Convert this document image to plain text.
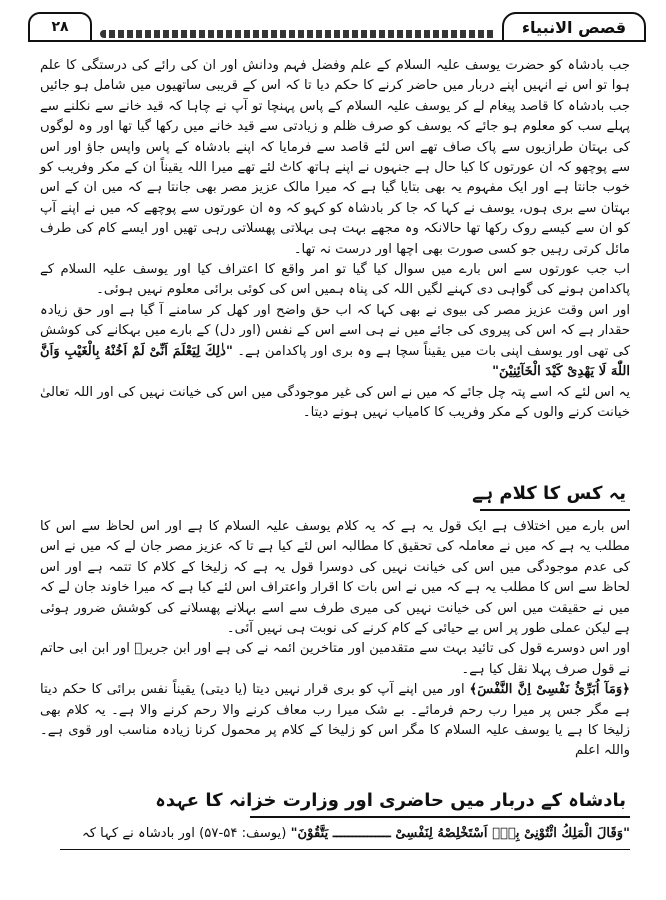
۲۸	قصص الانبیاء

جب بادشاہ کو حضرت یوسف علیہ السلام کے علم وفضل فہم ودانش اور ان کی رائے کی درستگی کا علم ہوا تو اس نے انہیں اپنے دربار میں حاضر کرنے کا حکم دیا تا کہ اس کے قریبی ساتھیوں میں شامل ہو جائیں جب بادشاہ کا قاصد پیغام لے کر یوسف علیہ السلام کے پاس پہنچا تو آپ نے چاہا کہ قید خانے سے نکلنے سے پہلے سب کو معلوم ہو جائے کہ یوسف کو صرف ظلم و زیادتی سے قید خانے میں رکھا گیا تھا اور وہ لوگوں کی بہتان طرازیوں سے پاک صاف تھے اس لئے قاصد سے فرمایا کہ اپنے بادشاہ کے پاس واپس جاؤ اور اس سے پوچھو کہ ان عورتوں کا کیا حال ہے جنہوں نے اپنے ہاتھ کاٹ لئے تھے میرا اللہ یقیناً ان کے مکر وفریب کو خوب جانتا ہے اور ایک مفہوم یہ بھی بتایا گیا ہے کہ میرا مالک عزیز مصر بھی جانتا ہے کہ میں ان کے اس بہتان سے بری ہوں، یوسف نے کہا کہ جا کر بادشاہ کو کہو کہ وہ ان عورتوں سے پوچھے کہ میں نے اپنے آپ کو ان سے کیسے روک رکھا تھا حالانکہ وہ مجھے بہت ہی بہلاتی پھسلاتی رہی تھیں اور ایسے کام کی طرف مائل کرتی رہیں جو کسی صورت بھی اچھا اور درست نہ تھا۔

اب جب عورتوں سے اس بارے میں سوال کیا گیا تو امر واقع کا اعتراف کیا اور یوسف علیہ السلام کے پاکدامن ہونے کی گواہی دی کہنے لگیں اللہ کی پناہ ہمیں اس کی کوئی برائی معلوم نہیں ہوئی۔

اور اس وقت عزیز مصر کی بیوی نے بھی کہا کہ اب حق واضح اور کھل کر سامنے آ گیا ہے اور حق زیادہ حقدار ہے کہ اس کی پیروی کی جائے میں نے ہی اسے اس کے نفس (اور دل) کے بارے میں بہکانے کی کوشش کی تھی اور یوسف اپنی بات میں یقیناً سچا ہے وہ بری اور پاکدامن ہے۔ "ذٰلِكَ لِيَعْلَمَ اَنِّىْ لَمْ اَخُنْهُ بِالْغَيْبِ وَاَنَّ اللّٰهَ لَا يَهْدِىْ كَيْدَ الْخَآئِنِيْنَ"

یہ اس لئے کہ اسے پتہ چل جائے کہ میں نے اس کی غیر موجودگی میں اس کی خیانت نہیں کی اور اللہ تعالیٰ خیانت کرنے والوں کے مکر وفریب کا کامیاب نہیں ہونے دیتا۔

یہ کس کا کلام ہے

اس بارے میں اختلاف ہے ایک قول یہ ہے کہ یہ کلام یوسف علیہ السلام کا ہے اور اس لحاظ سے اس کا مطلب یہ ہے کہ میں نے معاملہ کی تحقیق کا مطالبہ اس لئے کیا ہے تا کہ عزیز مصر جان لے کہ میں نے اس کی عدم موجودگی میں اس کی خیانت نہیں کی دوسرا قول یہ ہے کہ زلیخا کے کلام کا تتمہ ہے اور اس لحاظ سے اس کا مطلب یہ ہے کہ میں نے اس بات کا اقرار واعتراف اس لئے کیا ہے کہ میرا خاوند جان لے کہ میں نے حقیقت میں اس کی خیانت نہیں کی میری طرف سے اسے بہلانے پھسلانے کی کوشش ضرور ہوئی ہے لیکن عملی طور پر اس بے حیائی کے کام کرنے کی نوبت ہی نہیں آئی۔

اور اس دوسرے قول کی تائید بہت سے متقدمین اور متاخرین ائمہ نے کی ہے اور ابن جریرؒ اور ابن ابی حاتم نے قول صرف پہلا نقل کیا ہے۔

﴿وَمَآ اُبَرِّئُ نَفْسِىْ اِنَّ النَّفْسَ﴾ اور میں اپنے آپ کو بری قرار نہیں دیتا (یا دیتی) یقیناً نفس برائی کا حکم دیتا ہے مگر جس پر میرا رب رحم فرمائے۔ بے شک میرا رب معاف کرنے والا رحم کرنے والا ہے۔ یہ کلام بھی زلیخا کا ہے یا یوسف علیہ السلام کا مگر اس کو زلیخا کے کلام پر محمول کرنا زیادہ مناسب اور قوی ہے۔ واللہ اعلم

بادشاہ کے دربار میں حاضری اور وزارت خزانہ کا عہدہ
"وَقَالَ الْمَلِكُ ائْتُوْنِىْ بِهٖٓ اَسْتَخْلِصْهُ لِنَفْسِىْ ـــــــــــــــ يَتَّقُوْنَ" (یوسف: ۵۴-۵۷) اور بادشاہ نے کہا کہ
